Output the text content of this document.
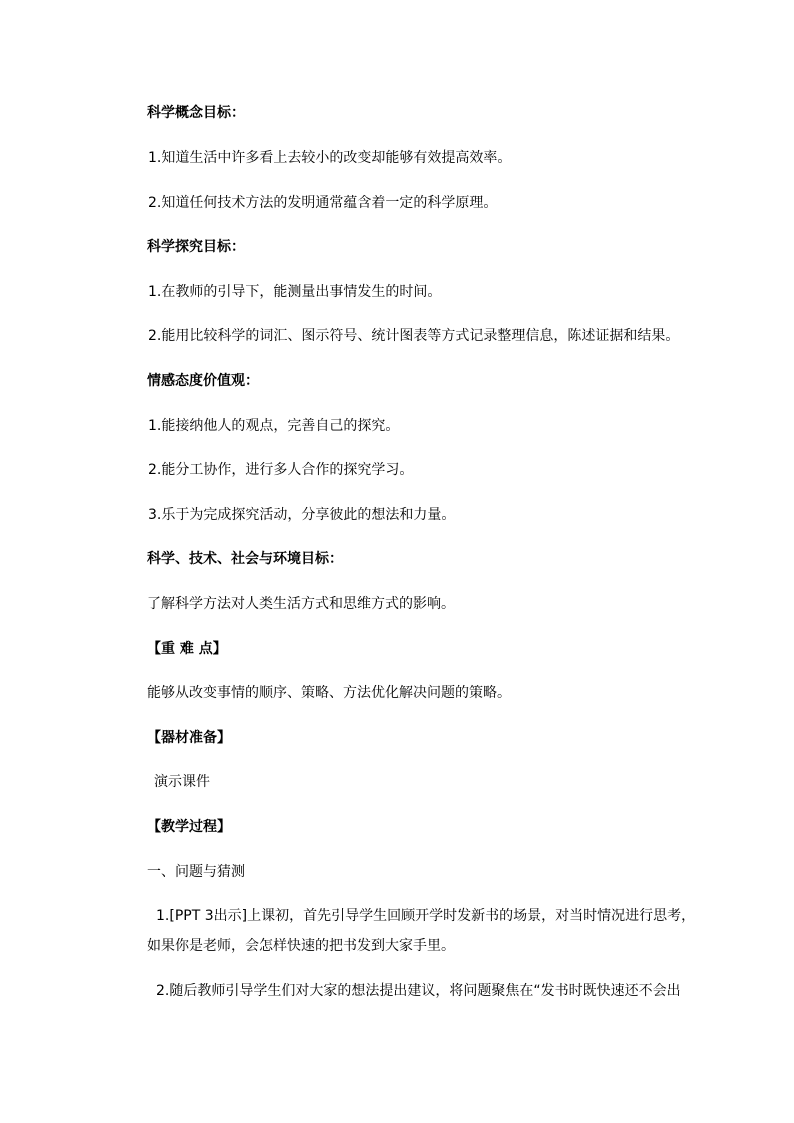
科学概念目标：
1.知道生活中许多看上去较小的改变却能够有效提高效率。
2.知道任何技术方法的发明通常蕴含着一定的科学原理。
科学探究目标：
1.在教师的引导下，能测量出事情发生的时间。
2.能用比较科学的词汇、图示符号、统计图表等方式记录整理信息，陈述证据和结果。
情感态度价值观：
1.能接纳他人的观点，完善自己的探究。
2.能分工协作，进行多人合作的探究学习。
3.乐于为完成探究活动，分享彼此的想法和力量。
科学、技术、社会与环境目标：
了解科学方法对人类生活方式和思维方式的影响。
【重 难 点】
能够从改变事情的顺序、策略、方法优化解决问题的策略。
【器材准备】
演示课件
【教学过程】
一、问题与猜测
1.[PPT 3出示]上课初，首先引导学生回顾开学时发新书的场景，对当时情况进行思考，
如果你是老师，会怎样快速的把书发到大家手里。
2.随后教师引导学生们对大家的想法提出建议，将问题聚焦在“发书时既快速还不会出
